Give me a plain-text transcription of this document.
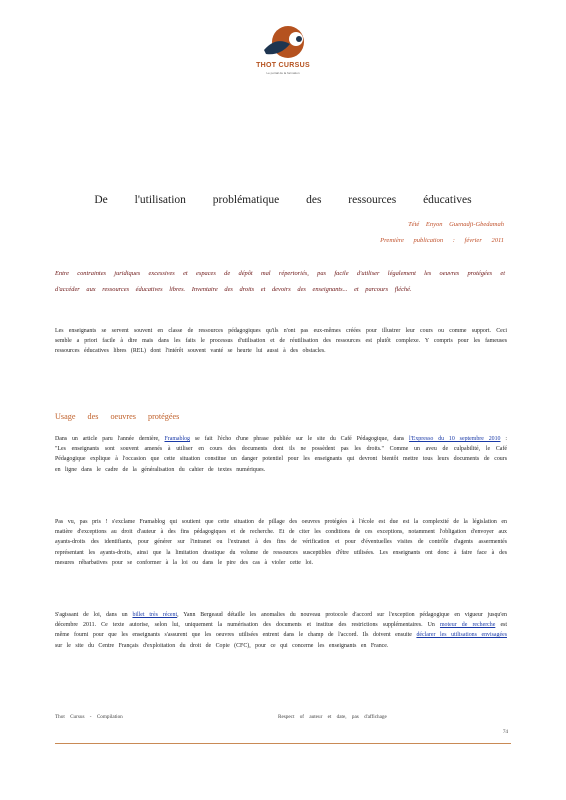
THOT CURSUS
Le portail de la formation
De l'utilisation problématique des ressources éducatives
Tété Enyon Guenadji-Gbedamah
Première publication : février 2011
Entre contraintes juridiques excessives et espaces de dépôt mal répertoriés, pas facile d'utiliser légalement les oeuvres protégées et d'accéder aux ressources éducatives libres. Inventaire des droits et devoirs des enseignants... et parcours fléché.
Les enseignants se servent souvent en classe de ressources pédagogiques qu'ils n'ont pas eux-mêmes créées pour illustrer leur cours ou comme support. Ceci semble a priori facile à dire mais dans les faits le processus d'utilisation et de réutilisation des ressources est plutôt complexe. Y compris pour les fameuses ressources éducatives libres (REL) dont l'intérêt souvent vanté se heurte lui aussi à des obstacles.
Usage des oeuvres protégées
Dans un article paru l'année dernière, Framablog se fait l'écho d'une phrase publiée sur le site du Café Pédagogique, dans l'Expresso du 10 septembre 2010 : "Les enseignants sont souvent amenés à utiliser en cours des documents dont ils ne possèdent pas les droits." Comme un aveu de culpabilité, le Café Pédagogique explique à l'occasion que cette situation constitue un danger potentiel pour les enseignants qui devront bientôt mettre tous leurs documents de cours en ligne dans le cadre de la généralisation du cahier de textes numériques.
Pas vu, pas pris ! s'exclame Framablog qui soutient que cette situation de pillage des oeuvres protégées à l'école est due est la complexité de la législation en matière d'exceptions au droit d'auteur à des fins pédagogiques et de recherche. Et de citer les conditions de ces exceptions, notamment l'obligation d'envoyer aux ayants-droits des identifiants, pour générer sur l'intranet ou l'extranet à des fins de vérification et pour d'éventuelles visites de contrôle d'agents assermentés représentant les ayants-droits, ainsi que la limitation drastique du volume de ressources susceptibles d'être utilisées. Les enseignants ont donc à faire face à des mesures rébarbatives pour se conformer à la loi ou dans le pire des cas à violer cette loi.
S'agissant de loi, dans un billet très récent, Yann Bergeaud détaille les anomalies du nouveau protocole d'accord sur l'exception pédagogique en vigueur jusqu'en décembre 2011. Ce texte autorise, selon lui, uniquement la numérisation des documents et institue des restrictions supplémentaires. Un moteur de recherche est même fourni pour que les enseignants s'assurent que les oeuvres utilisées entrent dans le champ de l'accord. Ils doivent ensuite déclarer les utilisations envisagées sur le site du Centre Français d'exploitation du droit de Copie (CFC), pour ce qui concerne les enseignants en France.
Thot Cursus - Compilation	Respect of auteur et date, pas d'affichage
74
